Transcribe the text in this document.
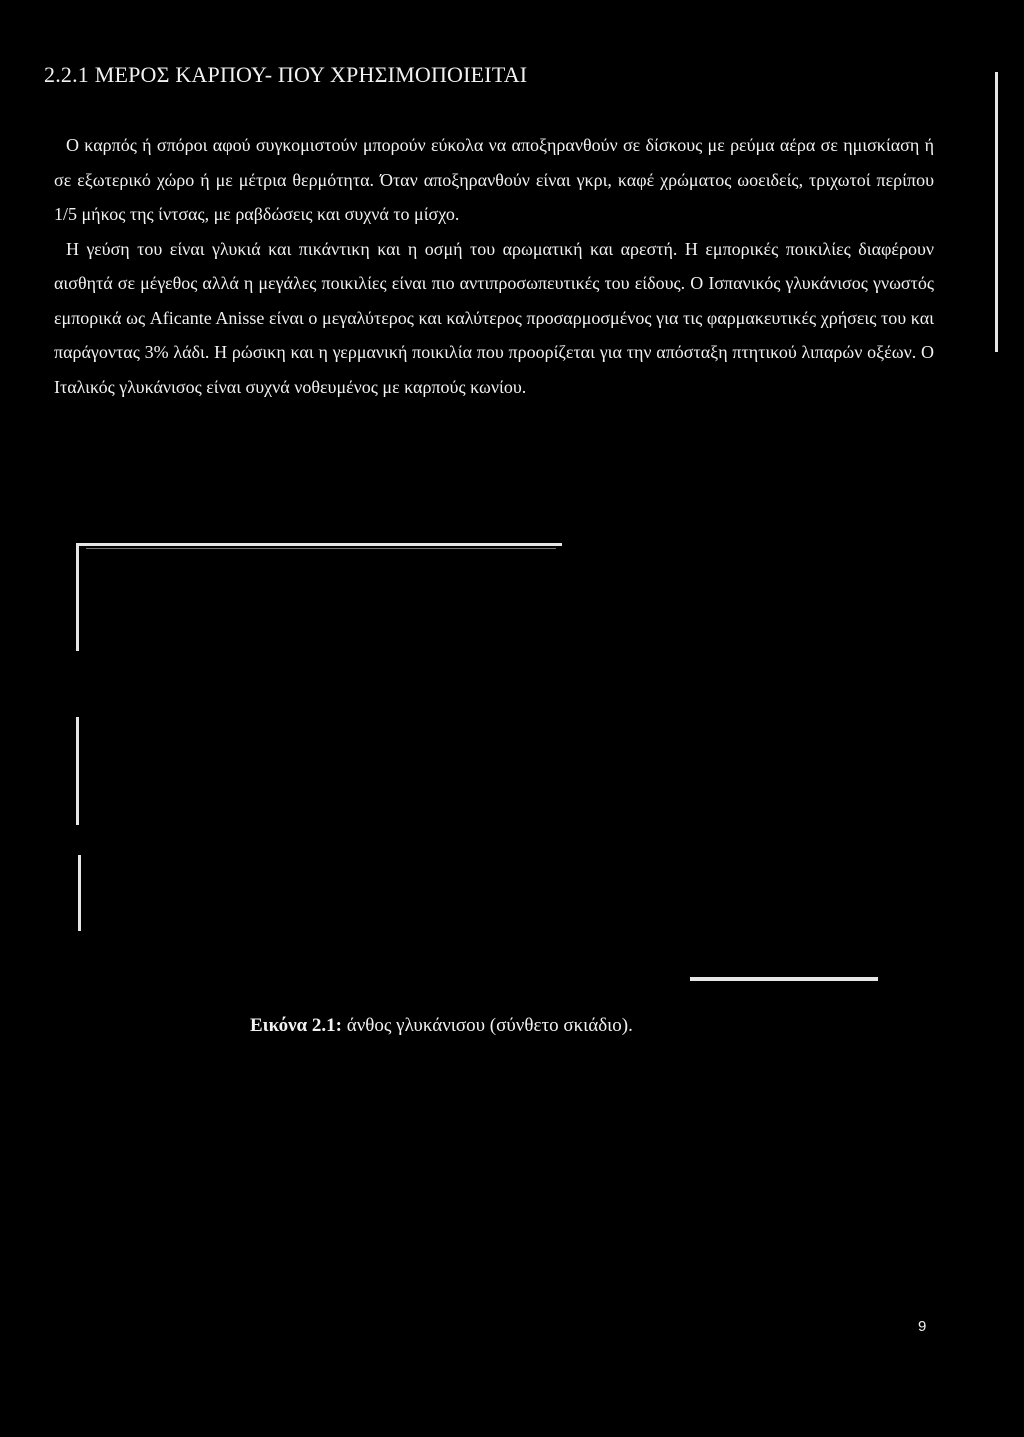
2.2.1 ΜΕΡΟΣ ΚΑΡΠΟΥ- ΠΟΥ ΧΡΗΣΙΜΟΠΟΙΕΙΤΑΙ

Ο καρπός ή σπόροι αφού συγκομιστούν μπορούν εύκολα να αποξηρανθούν σε δίσκους με ρεύμα αέρα σε ημισκίαση ή σε εξωτερικό χώρο ή με μέτρια θερμότητα. Όταν αποξηρανθούν είναι γκρι, καφέ χρώματος ωοειδείς, τριχωτοί περίπου 1/5 μήκος της ίντσας, με ραβδώσεις και συχνά το μίσχο.

Η γεύση του είναι γλυκιά και πικάντικη και η οσμή του αρωματική και αρεστή. Η εμπορικές ποικιλίες διαφέρουν αισθητά σε μέγεθος αλλά η μεγάλες ποικιλίες είναι πιο αντιπροσωπευτικές του είδους. Ο Ισπανικός γλυκάνισος γνωστός εμπορικά ως Aficante Anisse είναι ο μεγαλύτερος και καλύτερος προσαρμοσμένος για τις φαρμακευτικές χρήσεις του και παράγοντας 3% λάδι. Η ρώσικη και η γερμανική ποικιλία που προορίζεται για την απόσταξη πτητικού λιπαρών οξέων. Ο Ιταλικός γλυκάνισος είναι συχνά νοθευμένος με καρπούς κωνίου.

Εικόνα 2.1: άνθος γλυκάνισου (σύνθετο σκιάδιο).
9
